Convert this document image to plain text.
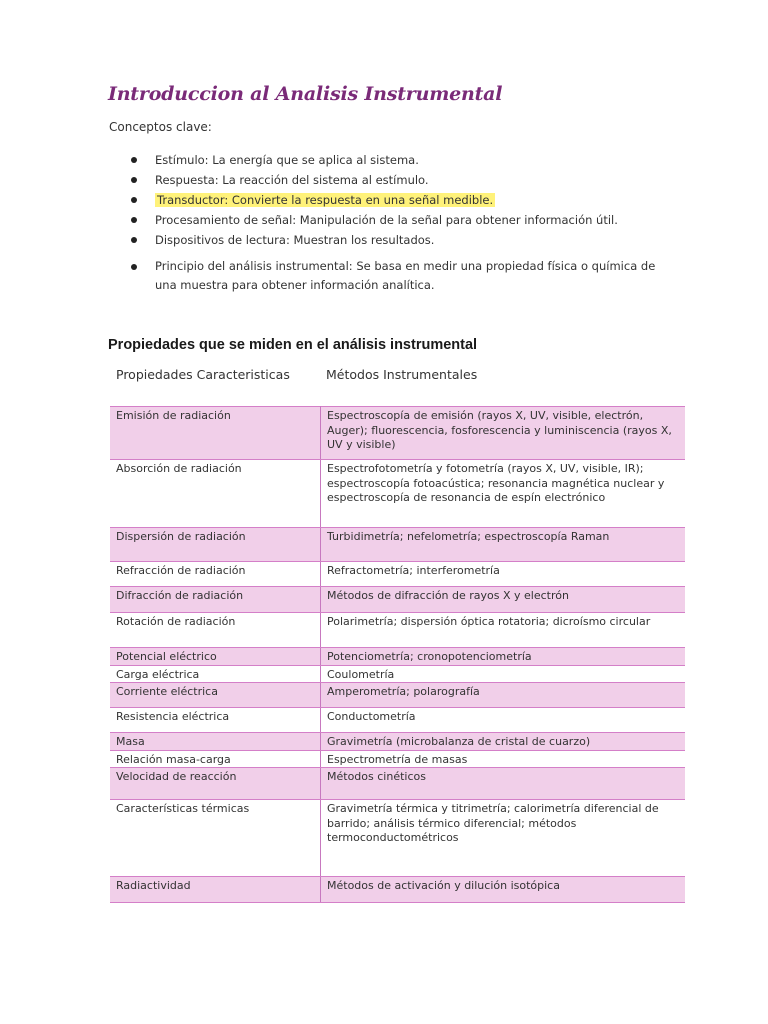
Introduccion al Analisis Instrumental
Conceptos clave:
Estímulo: La energía que se aplica al sistema.
Respuesta: La reacción del sistema al estímulo.
Transductor: Convierte la respuesta en una señal medible.
Procesamiento de señal: Manipulación de la señal para obtener información útil.
Dispositivos de lectura: Muestran los resultados.
Principio del análisis instrumental: Se basa en medir una propiedad física o química de una muestra para obtener información analítica.
Propiedades que se miden en el análisis instrumental
Propiedades Caracteristicas	Métodos Instrumentales
Emisión de radiación	Espectroscopía de emisión (rayos X, UV, visible, electrón, Auger); fluorescencia, fosforescencia y luminiscencia (rayos X, UV y visible)
Absorción de radiación	Espectrofotometría y fotometría (rayos X, UV, visible, IR); espectroscopía fotoacústica; resonancia magnética nuclear y espectroscopía de resonancia de espín electrónico
Dispersión de radiación	Turbidimetría; nefelometría; espectroscopía Raman
Refracción de radiación	Refractometría; interferometría
Difracción de radiación	Métodos de difracción de rayos X y electrón
Rotación de radiación	Polarimetría; dispersión óptica rotatoria; dicroísmo circular
Potencial eléctrico	Potenciometría; cronopotenciometría
Carga eléctrica	Coulometría
Corriente eléctrica	Amperometría; polarografía
Resistencia eléctrica	Conductometría
Masa	Gravimetría (microbalanza de cristal de cuarzo)
Relación masa-carga	Espectrometría de masas
Velocidad de reacción	Métodos cinéticos
Características térmicas	Gravimetría térmica y titrimetría; calorimetría diferencial de barrido; análisis térmico diferencial; métodos termoconductométricos
Radiactividad	Métodos de activación y dilución isotópica
